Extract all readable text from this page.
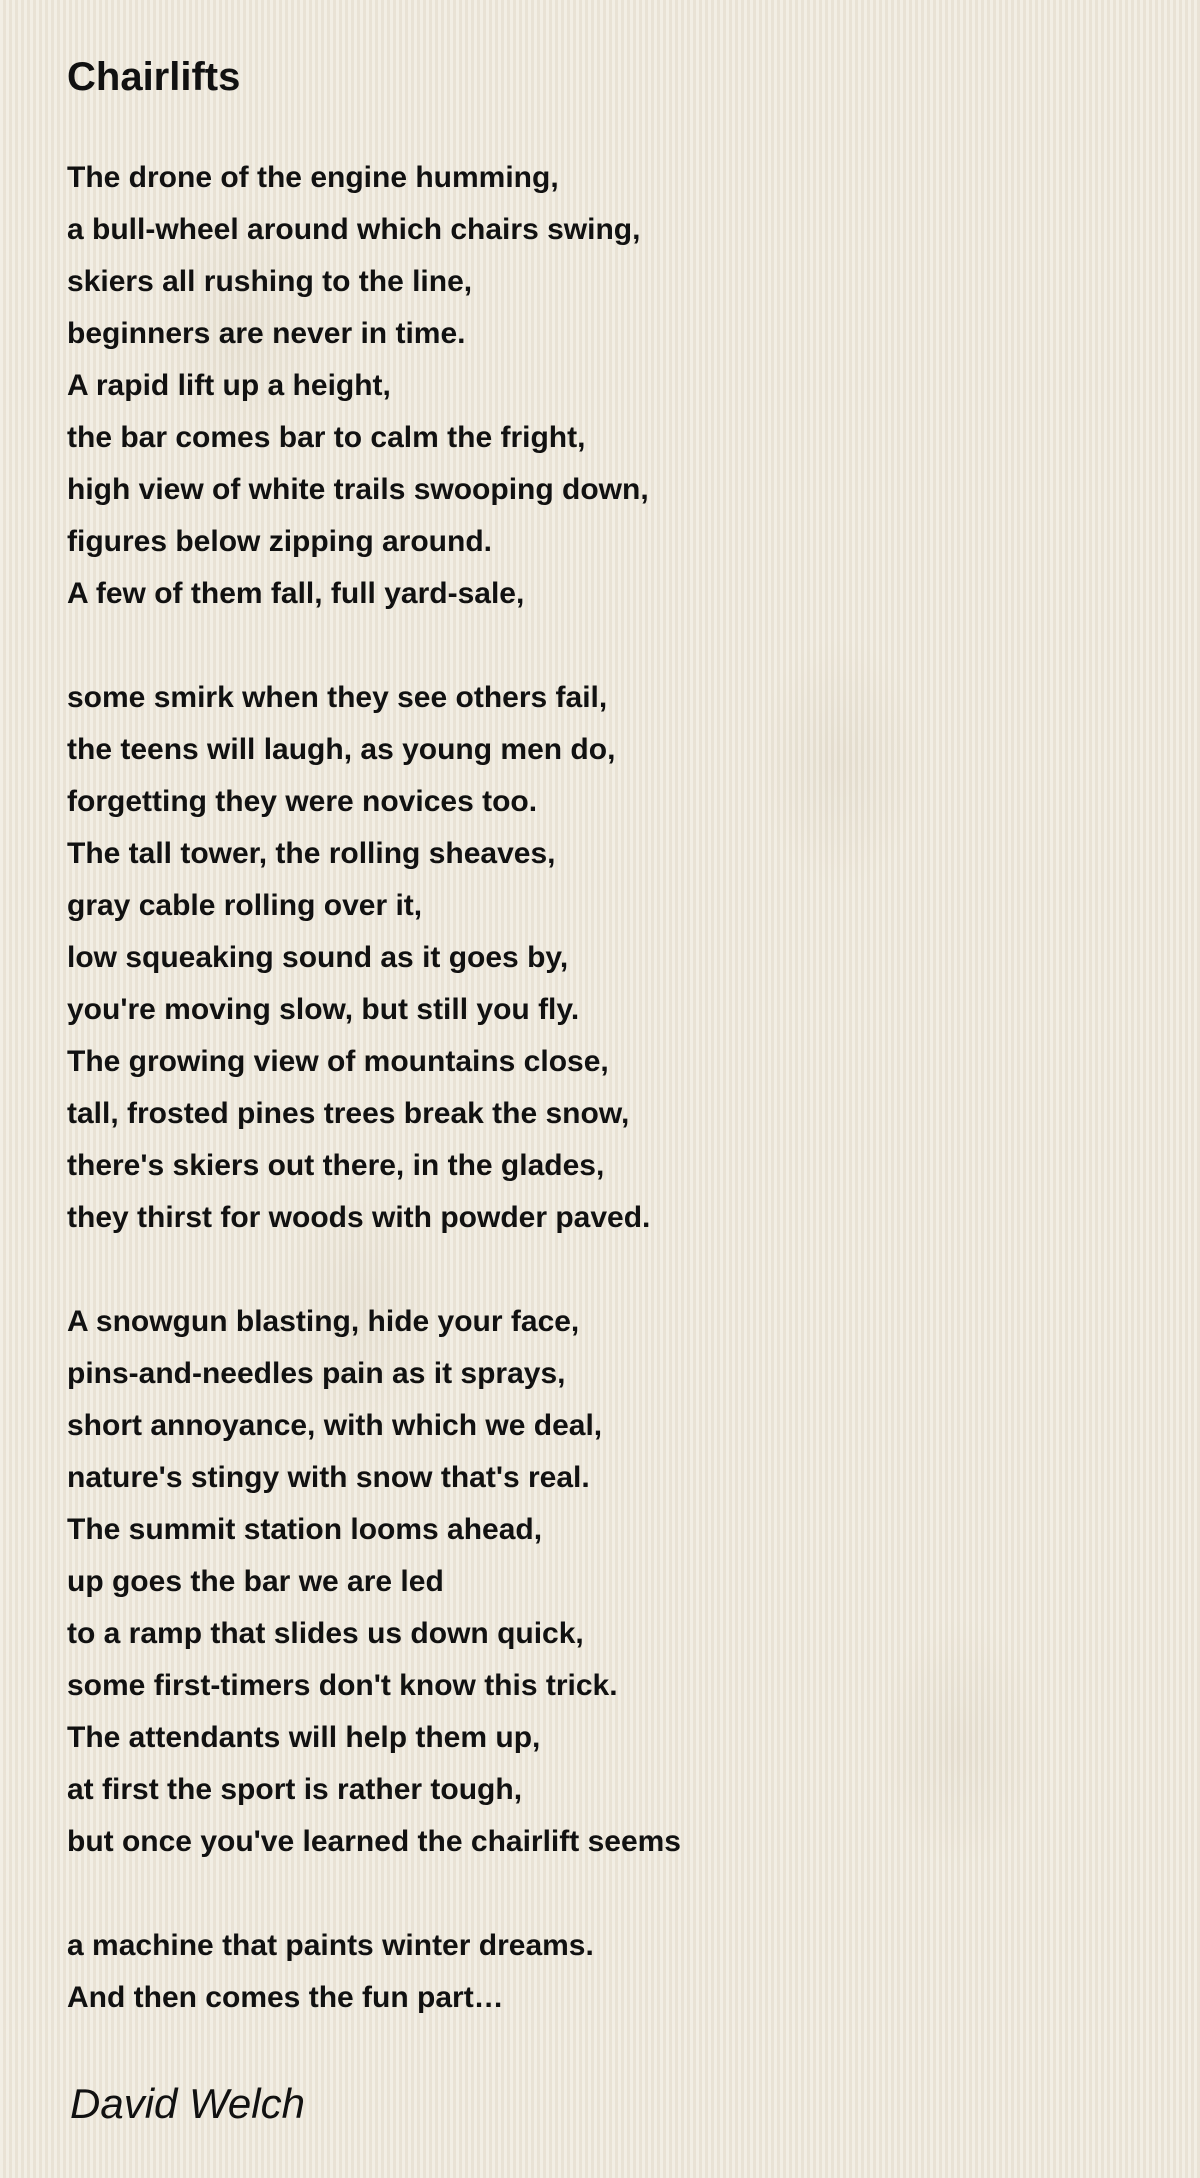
Chairlifts
The drone of the engine humming,
a bull-wheel around which chairs swing,
skiers all rushing to the line,
beginners are never in time.
A rapid lift up a height,
the bar comes bar to calm the fright,
high view of white trails swooping down,
figures below zipping around.
A few of them fall, full yard-sale,
some smirk when they see others fail,
the teens will laugh, as young men do,
forgetting they were novices too.
The tall tower, the rolling sheaves,
gray cable rolling over it,
low squeaking sound as it goes by,
you're moving slow, but still you fly.
The growing view of mountains close,
tall, frosted pines trees break the snow,
there's skiers out there, in the glades,
they thirst for woods with powder paved.
A snowgun blasting, hide your face,
pins-and-needles pain as it sprays,
short annoyance, with which we deal,
nature's stingy with snow that's real.
The summit station looms ahead,
up goes the bar we are led
to a ramp that slides us down quick,
some first-timers don't know this trick.
The attendants will help them up,
at first the sport is rather tough,
but once you've learned the chairlift seems
a machine that paints winter dreams.
And then comes the fun part…
David Welch
